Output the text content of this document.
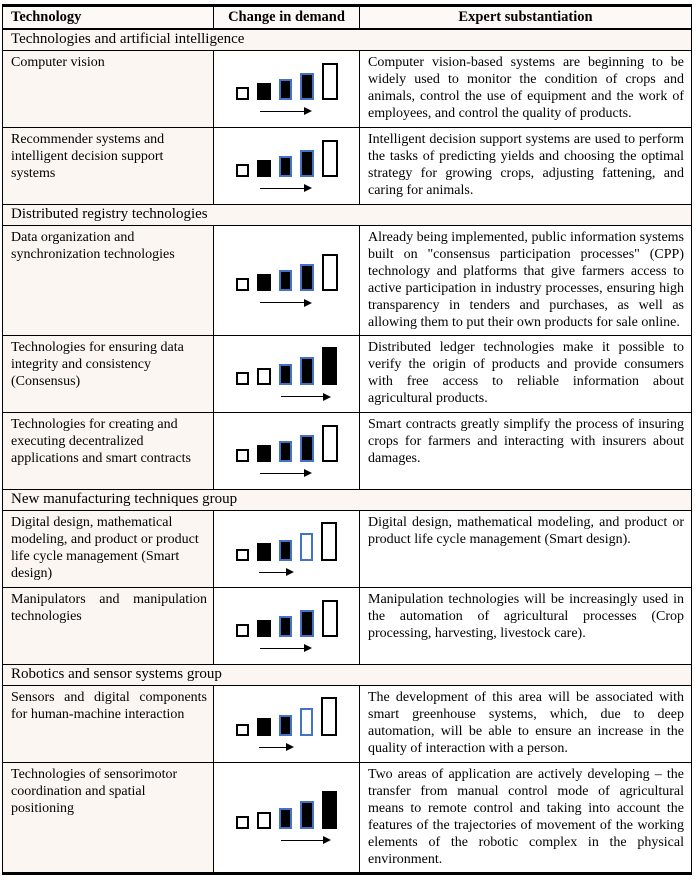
Technology	Change in demand	Expert substantiation
Technologies and artificial intelligence		
Computer vision		Computer vision-based systems are beginning to be widely used to monitor the condition of crops and animals, control the use of equipment and the work of employees, and control the quality of products.
Recommender systems and intelligent decision support systems		Intelligent decision support systems are used to perform the tasks of predicting yields and choosing the optimal strategy for growing crops, adjusting fattening, and caring for animals.
Distributed registry technologies		
Data organization and synchronization technologies		Already being implemented, public information systems built on "consensus participation processes" (CPP) technology and platforms that give farmers access to active participation in industry processes, ensuring high transparency in tenders and purchases, as well as allowing them to put their own products for sale online.
Technologies for ensuring data integrity and consistency (Consensus)		Distributed ledger technologies make it possible to verify the origin of products and provide consumers with free access to reliable information about agricultural products.
Technologies for creating and executing decentralized applications and smart contracts		Smart contracts greatly simplify the process of insuring crops for farmers and interacting with insurers about damages.
New manufacturing techniques group		
Digital design, mathematical modeling, and product or product life cycle management (Smart design)		Digital design, mathematical modeling, and product or product life cycle management (Smart design).
Manipulators and manipulation technologies		Manipulation technologies will be increasingly used in the automation of agricultural processes (Crop processing, harvesting, livestock care).
Robotics and sensor systems group		
Sensors and digital components for human-machine interaction		The development of this area will be associated with smart greenhouse systems, which, due to deep automation, will be able to ensure an increase in the quality of interaction with a person.
Technologies of sensorimotor coordination and spatial positioning		Two areas of application are actively developing – the transfer from manual control mode of agricultural means to remote control and taking into account the features of the trajectories of movement of the working elements of the robotic complex in the physical environment.
